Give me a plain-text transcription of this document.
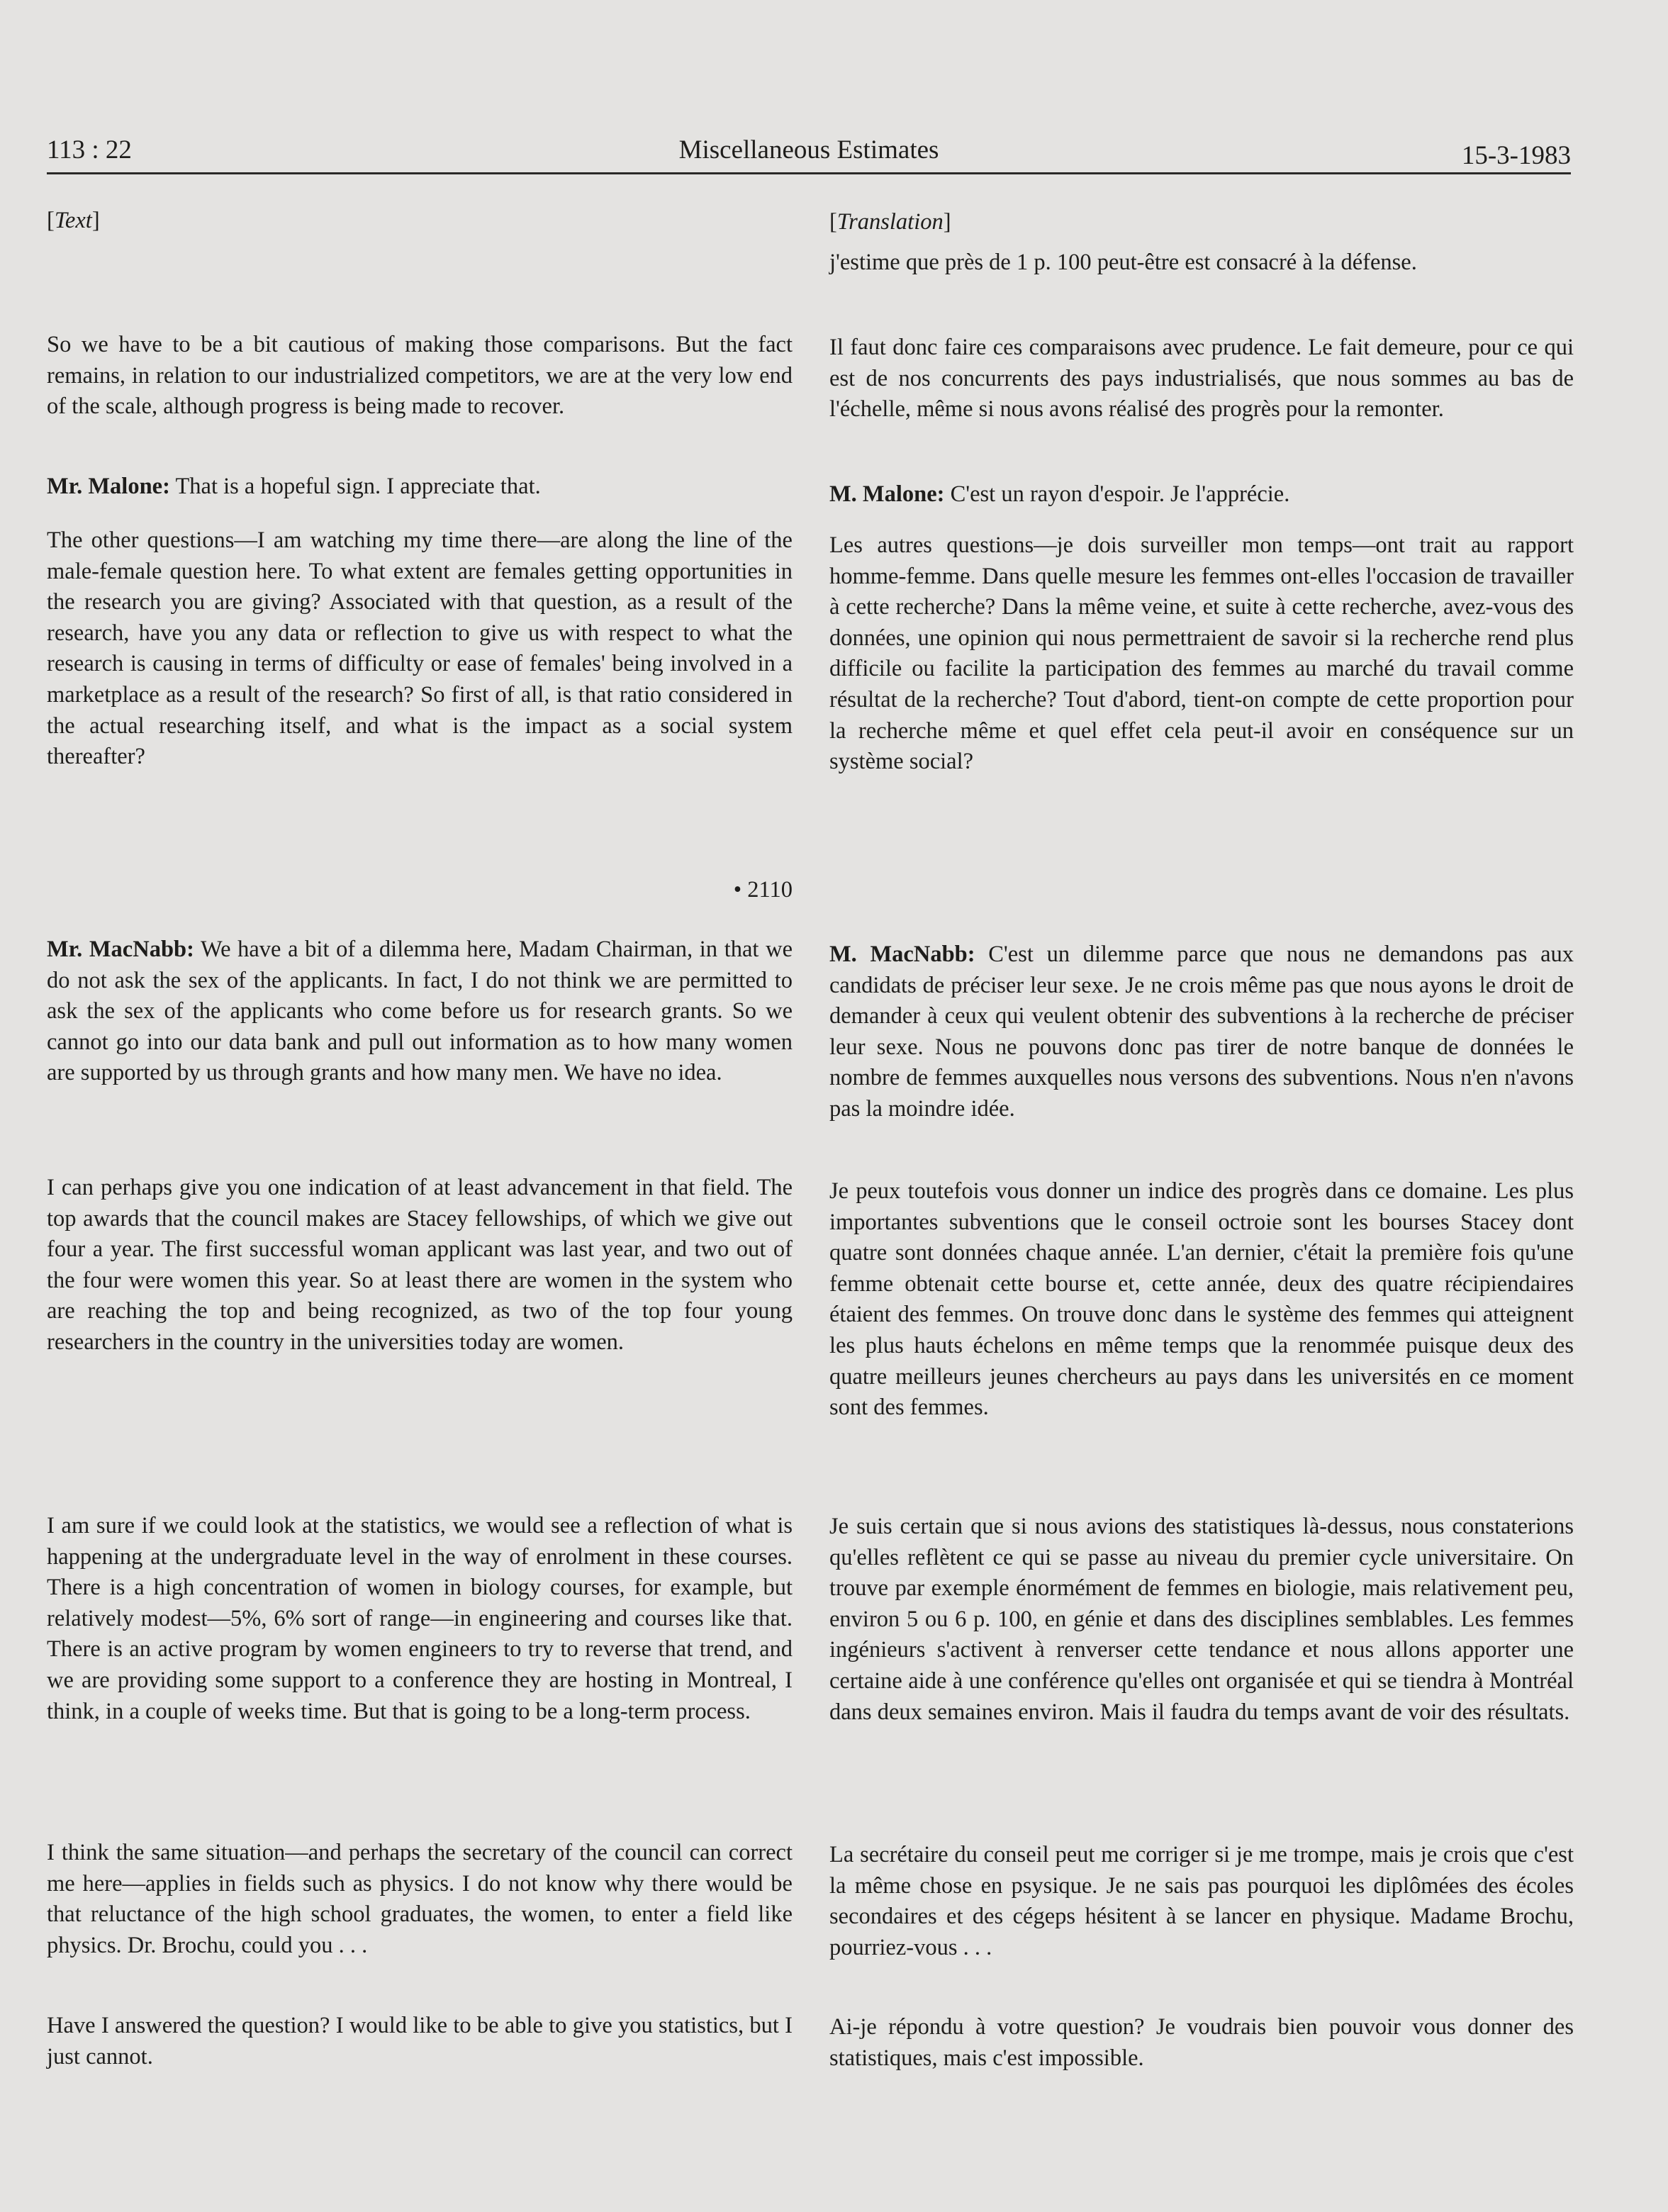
113 : 22	Miscellaneous Estimates	15-3-1983

[Text]

So we have to be a bit cautious of making those comparisons. But the fact remains, in relation to our industrialized competitors, we are at the very low end of the scale, although progress is being made to recover.

Mr. Malone: That is a hopeful sign. I appreciate that.

The other questions—I am watching my time there—are along the line of the male-female question here. To what extent are females getting opportunities in the research you are giving? Associated with that question, as a result of the research, have you any data or reflection to give us with respect to what the research is causing in terms of difficulty or ease of females' being involved in a marketplace as a result of the research? So first of all, is that ratio considered in the actual researching itself, and what is the impact as a social system thereafter?

• 2110

Mr. MacNabb: We have a bit of a dilemma here, Madam Chairman, in that we do not ask the sex of the applicants. In fact, I do not think we are permitted to ask the sex of the applicants who come before us for research grants. So we cannot go into our data bank and pull out information as to how many women are supported by us through grants and how many men. We have no idea.

I can perhaps give you one indication of at least advancement in that field. The top awards that the council makes are Stacey fellowships, of which we give out four a year. The first successful woman applicant was last year, and two out of the four were women this year. So at least there are women in the system who are reaching the top and being recognized, as two of the top four young researchers in the country in the universities today are women.

I am sure if we could look at the statistics, we would see a reflection of what is happening at the undergraduate level in the way of enrolment in these courses. There is a high concentration of women in biology courses, for example, but relatively modest—5%, 6% sort of range—in engineering and courses like that. There is an active program by women engineers to try to reverse that trend, and we are providing some support to a conference they are hosting in Montreal, I think, in a couple of weeks time. But that is going to be a long-term process.

I think the same situation—and perhaps the secretary of the council can correct me here—applies in fields such as physics. I do not know why there would be that reluctance of the high school graduates, the women, to enter a field like physics. Dr. Brochu, could you . . .

Have I answered the question? I would like to be able to give you statistics, but I just cannot.

[Translation]

j'estime que près de 1 p. 100 peut-être est consacré à la défense.

Il faut donc faire ces comparaisons avec prudence. Le fait demeure, pour ce qui est de nos concurrents des pays industrialisés, que nous sommes au bas de l'échelle, même si nous avons réalisé des progrès pour la remonter.

M. Malone: C'est un rayon d'espoir. Je l'apprécie.

Les autres questions—je dois surveiller mon temps—ont trait au rapport homme-femme. Dans quelle mesure les femmes ont-elles l'occasion de travailler à cette recherche? Dans la même veine, et suite à cette recherche, avez-vous des données, une opinion qui nous permettraient de savoir si la recherche rend plus difficile ou facilite la participation des femmes au marché du travail comme résultat de la recherche? Tout d'abord, tient-on compte de cette proportion pour la recherche même et quel effet cela peut-il avoir en conséquence sur un système social?

M. MacNabb: C'est un dilemme parce que nous ne demandons pas aux candidats de préciser leur sexe. Je ne crois même pas que nous ayons le droit de demander à ceux qui veulent obtenir des subventions à la recherche de préciser leur sexe. Nous ne pouvons donc pas tirer de notre banque de données le nombre de femmes auxquelles nous versons des subventions. Nous n'en n'avons pas la moindre idée.

Je peux toutefois vous donner un indice des progrès dans ce domaine. Les plus importantes subventions que le conseil octroie sont les bourses Stacey dont quatre sont données chaque année. L'an dernier, c'était la première fois qu'une femme obtenait cette bourse et, cette année, deux des quatre récipiendaires étaient des femmes. On trouve donc dans le système des femmes qui atteignent les plus hauts échelons en même temps que la renommée puisque deux des quatre meilleurs jeunes chercheurs au pays dans les universités en ce moment sont des femmes.

Je suis certain que si nous avions des statistiques là-dessus, nous constaterions qu'elles reflètent ce qui se passe au niveau du premier cycle universitaire. On trouve par exemple énormément de femmes en biologie, mais relativement peu, environ 5 ou 6 p. 100, en génie et dans des disciplines semblables. Les femmes ingénieurs s'activent à renverser cette tendance et nous allons apporter une certaine aide à une conférence qu'elles ont organisée et qui se tiendra à Montréal dans deux semaines environ. Mais il faudra du temps avant de voir des résultats.

La secrétaire du conseil peut me corriger si je me trompe, mais je crois que c'est la même chose en psysique. Je ne sais pas pourquoi les diplômées des écoles secondaires et des cégeps hésitent à se lancer en physique. Madame Brochu, pourriez-vous . . .

Ai-je répondu à votre question? Je voudrais bien pouvoir vous donner des statistiques, mais c'est impossible.
